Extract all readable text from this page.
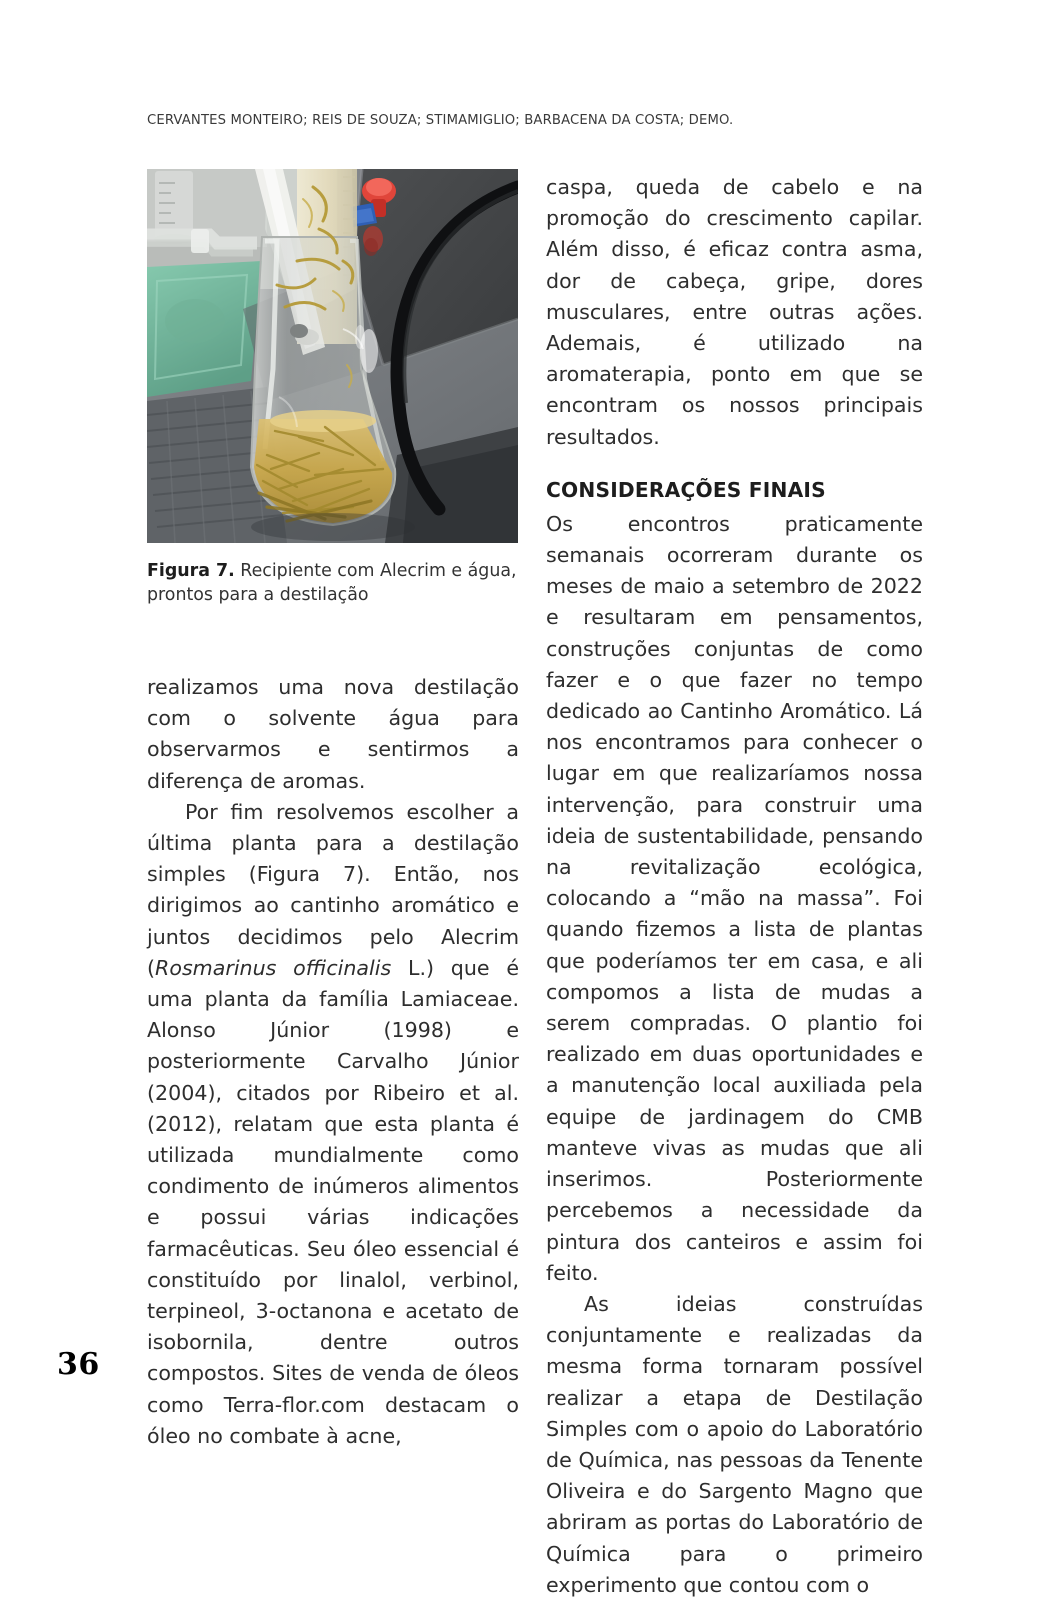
CERVANTES MONTEIRO; REIS DE SOUZA; STIMAMIGLIO; BARBACENA DA COSTA; DEMO.
Figura 7. Recipiente com Alecrim e água, prontos para a destilação

realizamos uma nova destilação com o solvente água para observarmos e sentirmos a diferença de aromas.

Por fim resolvemos escolher a última planta para a destilação simples (Figura 7). Então, nos dirigimos ao cantinho aromático e juntos decidimos pelo Alecrim (Rosmarinus officinalis L.) que é uma planta da família Lamiaceae. Alonso Júnior (1998) e posteriormente Carvalho Júnior (2004), citados por Ribeiro et al. (2012), relatam que esta planta é utilizada mundialmente como condimento de inúmeros alimentos e possui várias indicações farmacêuticas. Seu óleo essencial é constituído por linalol, verbinol, terpineol, 3-octanona e acetato de isobornila, dentre outros compostos. Sites de venda de óleos como Terra-flor.com destacam o óleo no combate à acne,

caspa, queda de cabelo e na promoção do crescimento capilar. Além disso, é eficaz contra asma, dor de cabeça, gripe, dores musculares, entre outras ações. Ademais, é utilizado na aromaterapia, ponto em que se encontram os nossos principais resultados.

CONSIDERAÇÕES FINAIS

Os encontros praticamente semanais ocorreram durante os meses de maio a setembro de 2022 e resultaram em pensamentos, construções conjuntas de como fazer e o que fazer no tempo dedicado ao Cantinho Aromático. Lá nos encontramos para conhecer o lugar em que realizaríamos nossa intervenção, para construir uma ideia de sustentabilidade, pensando na revitalização ecológica, colocando a “mão na massa”. Foi quando fizemos a lista de plantas que poderíamos ter em casa, e ali compomos a lista de mudas a serem compradas. O plantio foi realizado em duas oportunidades e a manutenção local auxiliada pela equipe de jardinagem do CMB manteve vivas as mudas que ali inserimos. Posteriormente percebemos a necessidade da pintura dos canteiros e assim foi feito.

As ideias construídas conjuntamente e realizadas da mesma forma tornaram possível realizar a etapa de Destilação Simples com o apoio do Laboratório de Química, nas pessoas da Tenente Oliveira e do Sargento Magno que abriram as portas do Laboratório de Química para o primeiro experimento que contou com o

36
